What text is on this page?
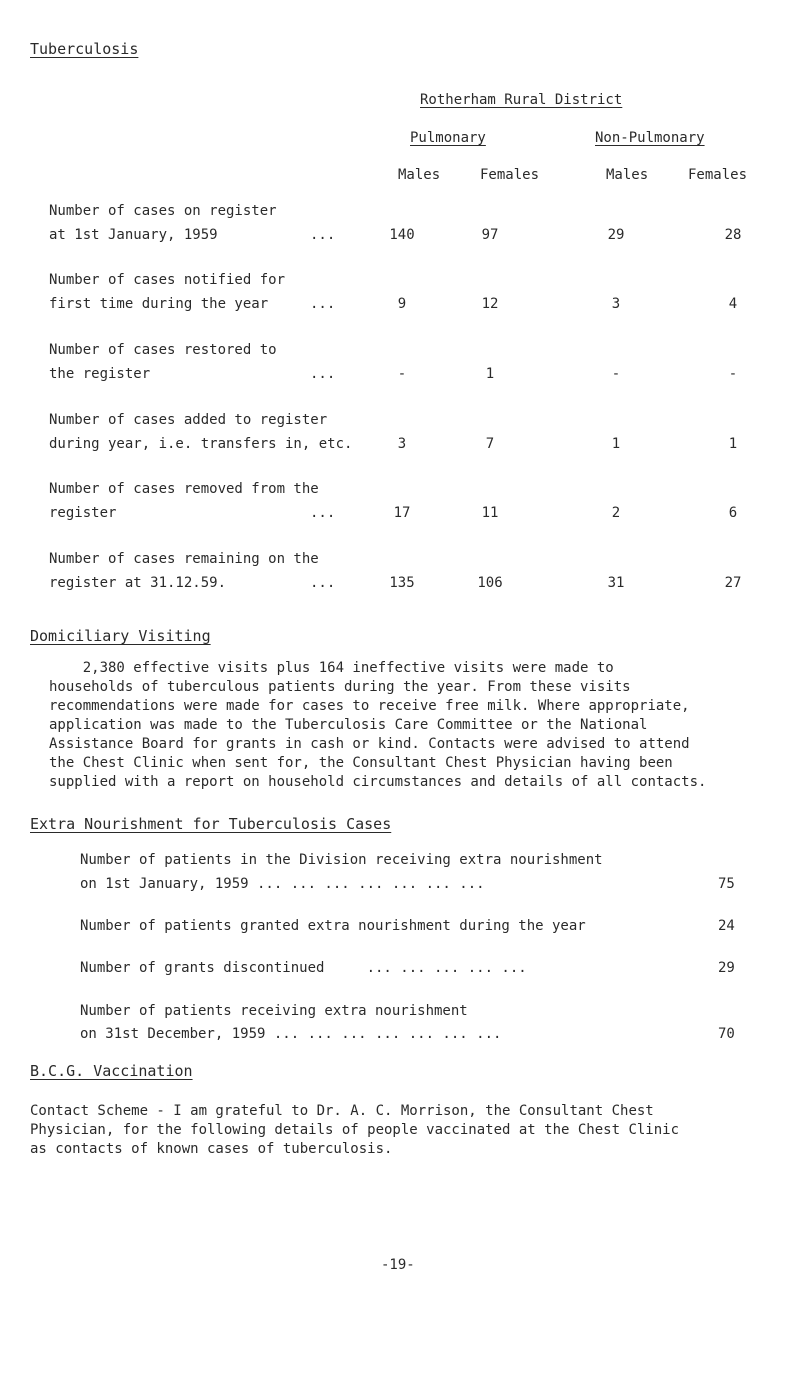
Tuberculosis
Rotherham Rural District
Pulmonary	Non-Pulmonary
Males	Females	Males	Females
Number of cases on register
at 1st January, 1959	...	140	97	29	28
Number of cases notified for
first time during the year	...	9	12	3	4
Number of cases restored to
the register	...	-	1	-	-
Number of cases added to register
during year, i.e. transfers in, etc.	3	7	1	1
Number of cases removed from the
register	...	17	11	2	6
Number of cases remaining on the
register at 31.12.59.	...	135	106	31	27
Domiciliary Visiting
2,380 effective visits plus 164 ineffective visits were made to
households of tuberculous patients during the year. From these visits
recommendations were made for cases to receive free milk. Where appropriate,
application was made to the Tuberculosis Care Committee or the National
Assistance Board for grants in cash or kind. Contacts were advised to attend
the Chest Clinic when sent for, the Consultant Chest Physician having been
supplied with a report on household circumstances and details of all contacts.
Extra Nourishment for Tuberculosis Cases
Number of patients in the Division receiving extra nourishment
on 1st January, 1959 ... ... ... ... ... ... ...	75
Number of patients granted extra nourishment during the year	24
Number of grants discontinued     ... ... ... ... ...	29
Number of patients receiving extra nourishment
on 31st December, 1959 ... ... ... ... ... ... ...	70
B.C.G. Vaccination
Contact Scheme - I am grateful to Dr. A. C. Morrison, the Consultant Chest
Physician, for the following details of people vaccinated at the Chest Clinic
as contacts of known cases of tuberculosis.
-19-
